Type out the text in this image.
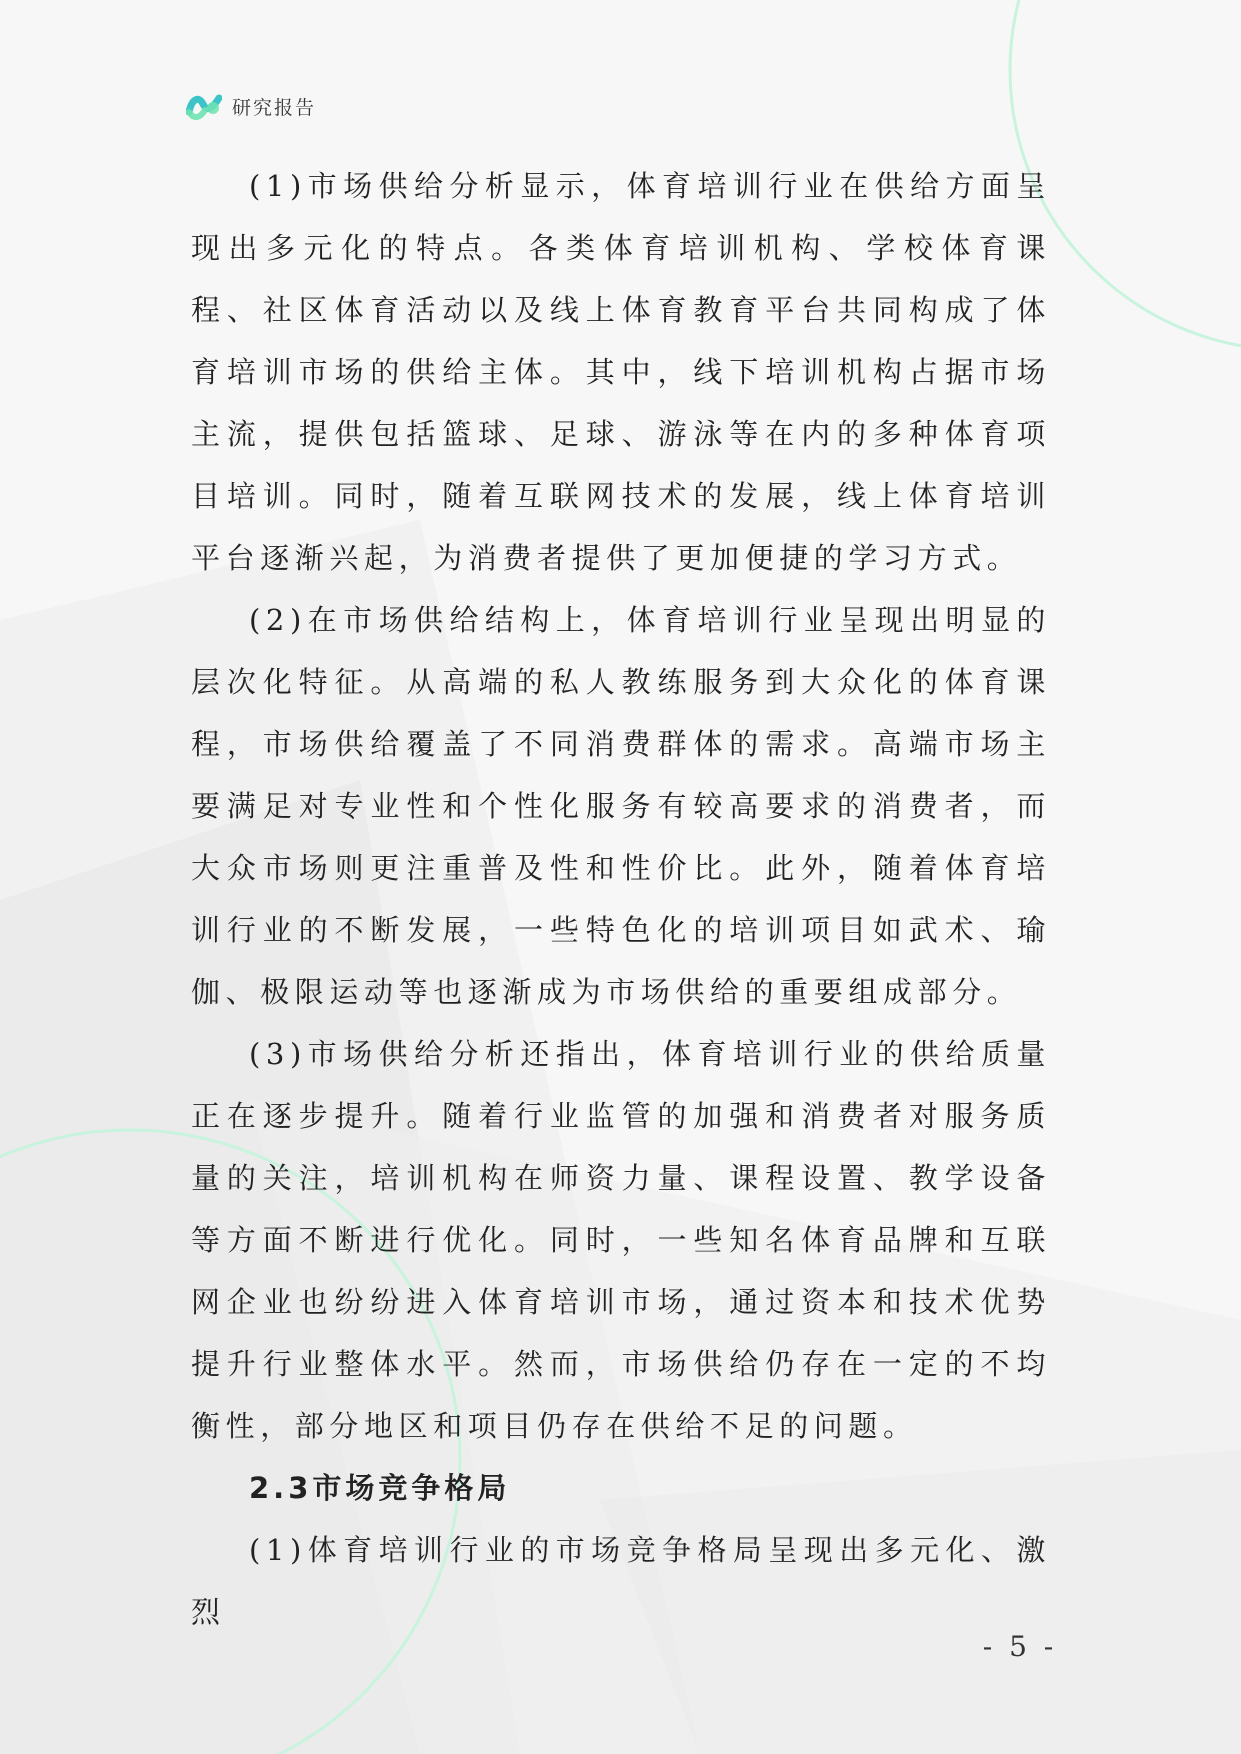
研究报告

(1)市场供给分析显示，体育培训行业在供给方面呈现出多元化的特点。各类体育培训机构、学校体育课程、社区体育活动以及线上体育教育平台共同构成了体育培训市场的供给主体。其中，线下培训机构占据市场主流，提供包括篮球、足球、游泳等在内的多种体育项目培训。同时，随着互联网技术的发展，线上体育培训平台逐渐兴起，为消费者提供了更加便捷的学习方式。

(2)在市场供给结构上，体育培训行业呈现出明显的层次化特征。从高端的私人教练服务到大众化的体育课程，市场供给覆盖了不同消费群体的需求。高端市场主要满足对专业性和个性化服务有较高要求的消费者，而大众市场则更注重普及性和性价比。此外，随着体育培训行业的不断发展，一些特色化的培训项目如武术、瑜伽、极限运动等也逐渐成为市场供给的重要组成部分。

(3)市场供给分析还指出，体育培训行业的供给质量正在逐步提升。随着行业监管的加强和消费者对服务质量的关注，培训机构在师资力量、课程设置、教学设备等方面不断进行优化。同时，一些知名体育品牌和互联网企业也纷纷进入体育培训市场，通过资本和技术优势提升行业整体水平。然而，市场供给仍存在一定的不均衡性，部分地区和项目仍存在供给不足的问题。

2.3市场竞争格局

(1)体育培训行业的市场竞争格局呈现出多元化、激烈

- 5 -
